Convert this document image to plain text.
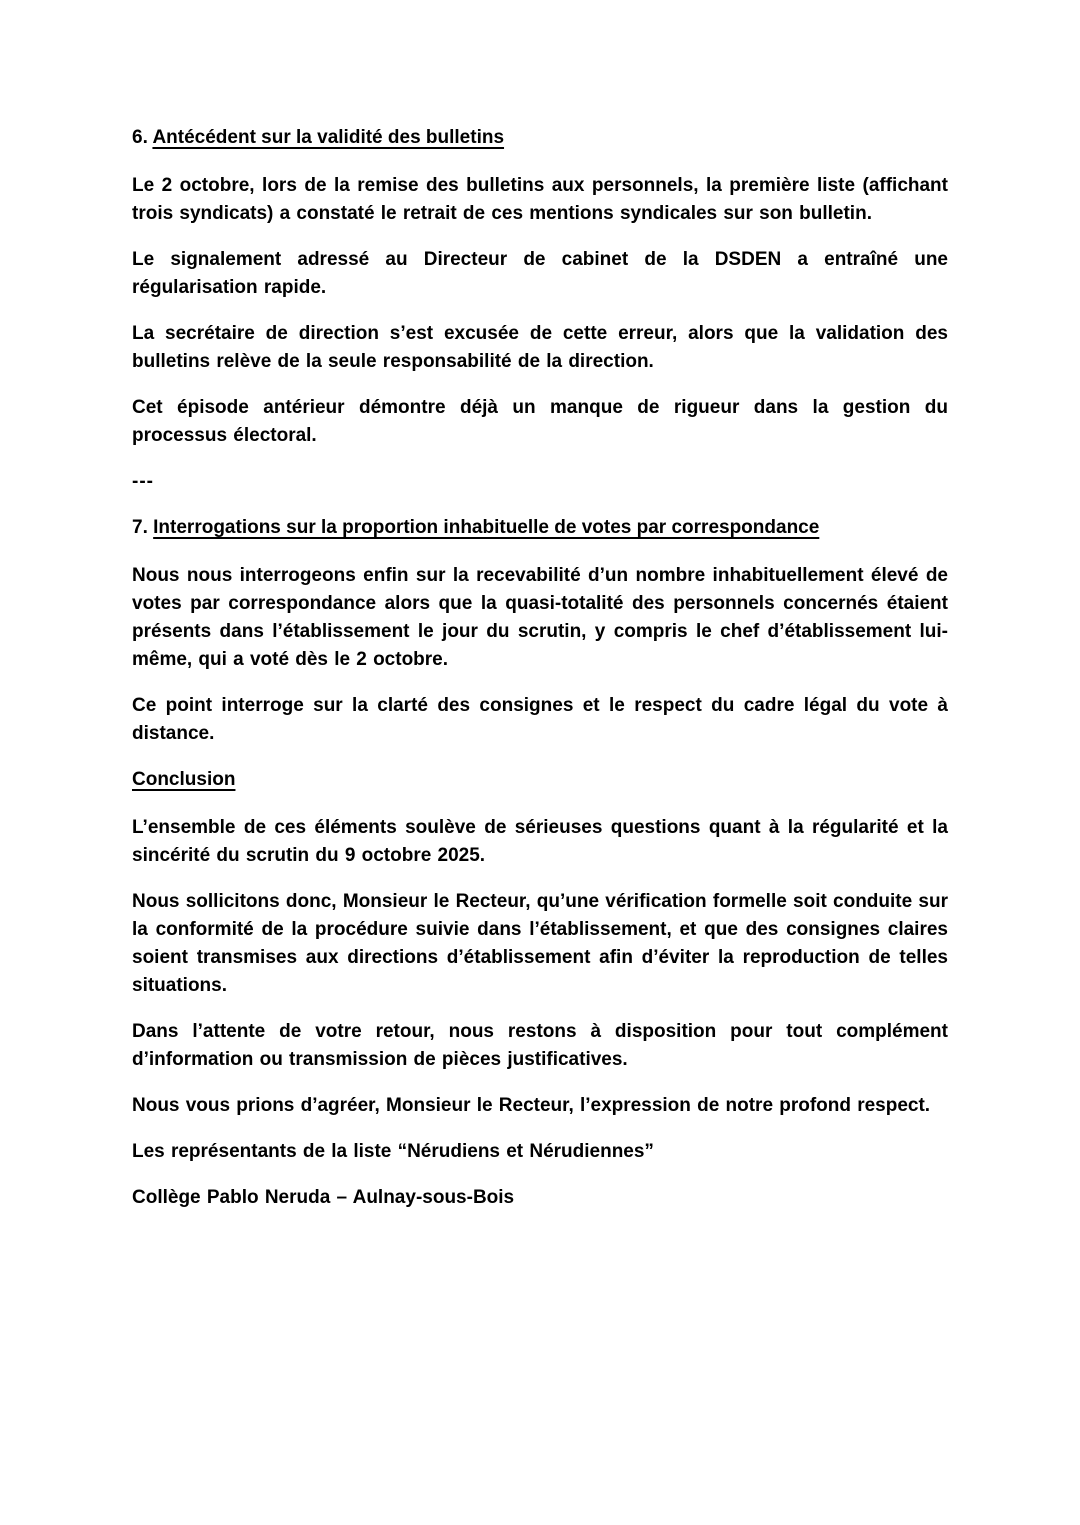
6. Antécédent sur la validité des bulletins

Le 2 octobre, lors de la remise des bulletins aux personnels, la première liste (affichant trois syndicats) a constaté le retrait de ces mentions syndicales sur son bulletin.

Le signalement adressé au Directeur de cabinet de la DSDEN a entraîné une régularisation rapide.

La secrétaire de direction s’est excusée de cette erreur, alors que la validation des bulletins relève de la seule responsabilité de la direction.

Cet épisode antérieur démontre déjà un manque de rigueur dans la gestion du processus électoral.

---

7. Interrogations sur la proportion inhabituelle de votes par correspondance

Nous nous interrogeons enfin sur la recevabilité d’un nombre inhabituellement élevé de votes par correspondance alors que la quasi-totalité des personnels concernés étaient présents dans l’établissement le jour du scrutin, y compris le chef d’établissement lui-même, qui a voté dès le 2 octobre.

Ce point interroge sur la clarté des consignes et le respect du cadre légal du vote à distance.

Conclusion

L’ensemble de ces éléments soulève de sérieuses questions quant à la régularité et la sincérité du scrutin du 9 octobre 2025.

Nous sollicitons donc, Monsieur le Recteur, qu’une vérification formelle soit conduite sur la conformité de la procédure suivie dans l’établissement, et que des consignes claires soient transmises aux directions d’établissement afin d’éviter la reproduction de telles situations.

Dans l’attente de votre retour, nous restons à disposition pour tout complément d’information ou transmission de pièces justificatives.

Nous vous prions d’agréer, Monsieur le Recteur, l’expression de notre profond respect.

Les représentants de la liste “Nérudiens et Nérudiennes”

Collège Pablo Neruda – Aulnay-sous-Bois
